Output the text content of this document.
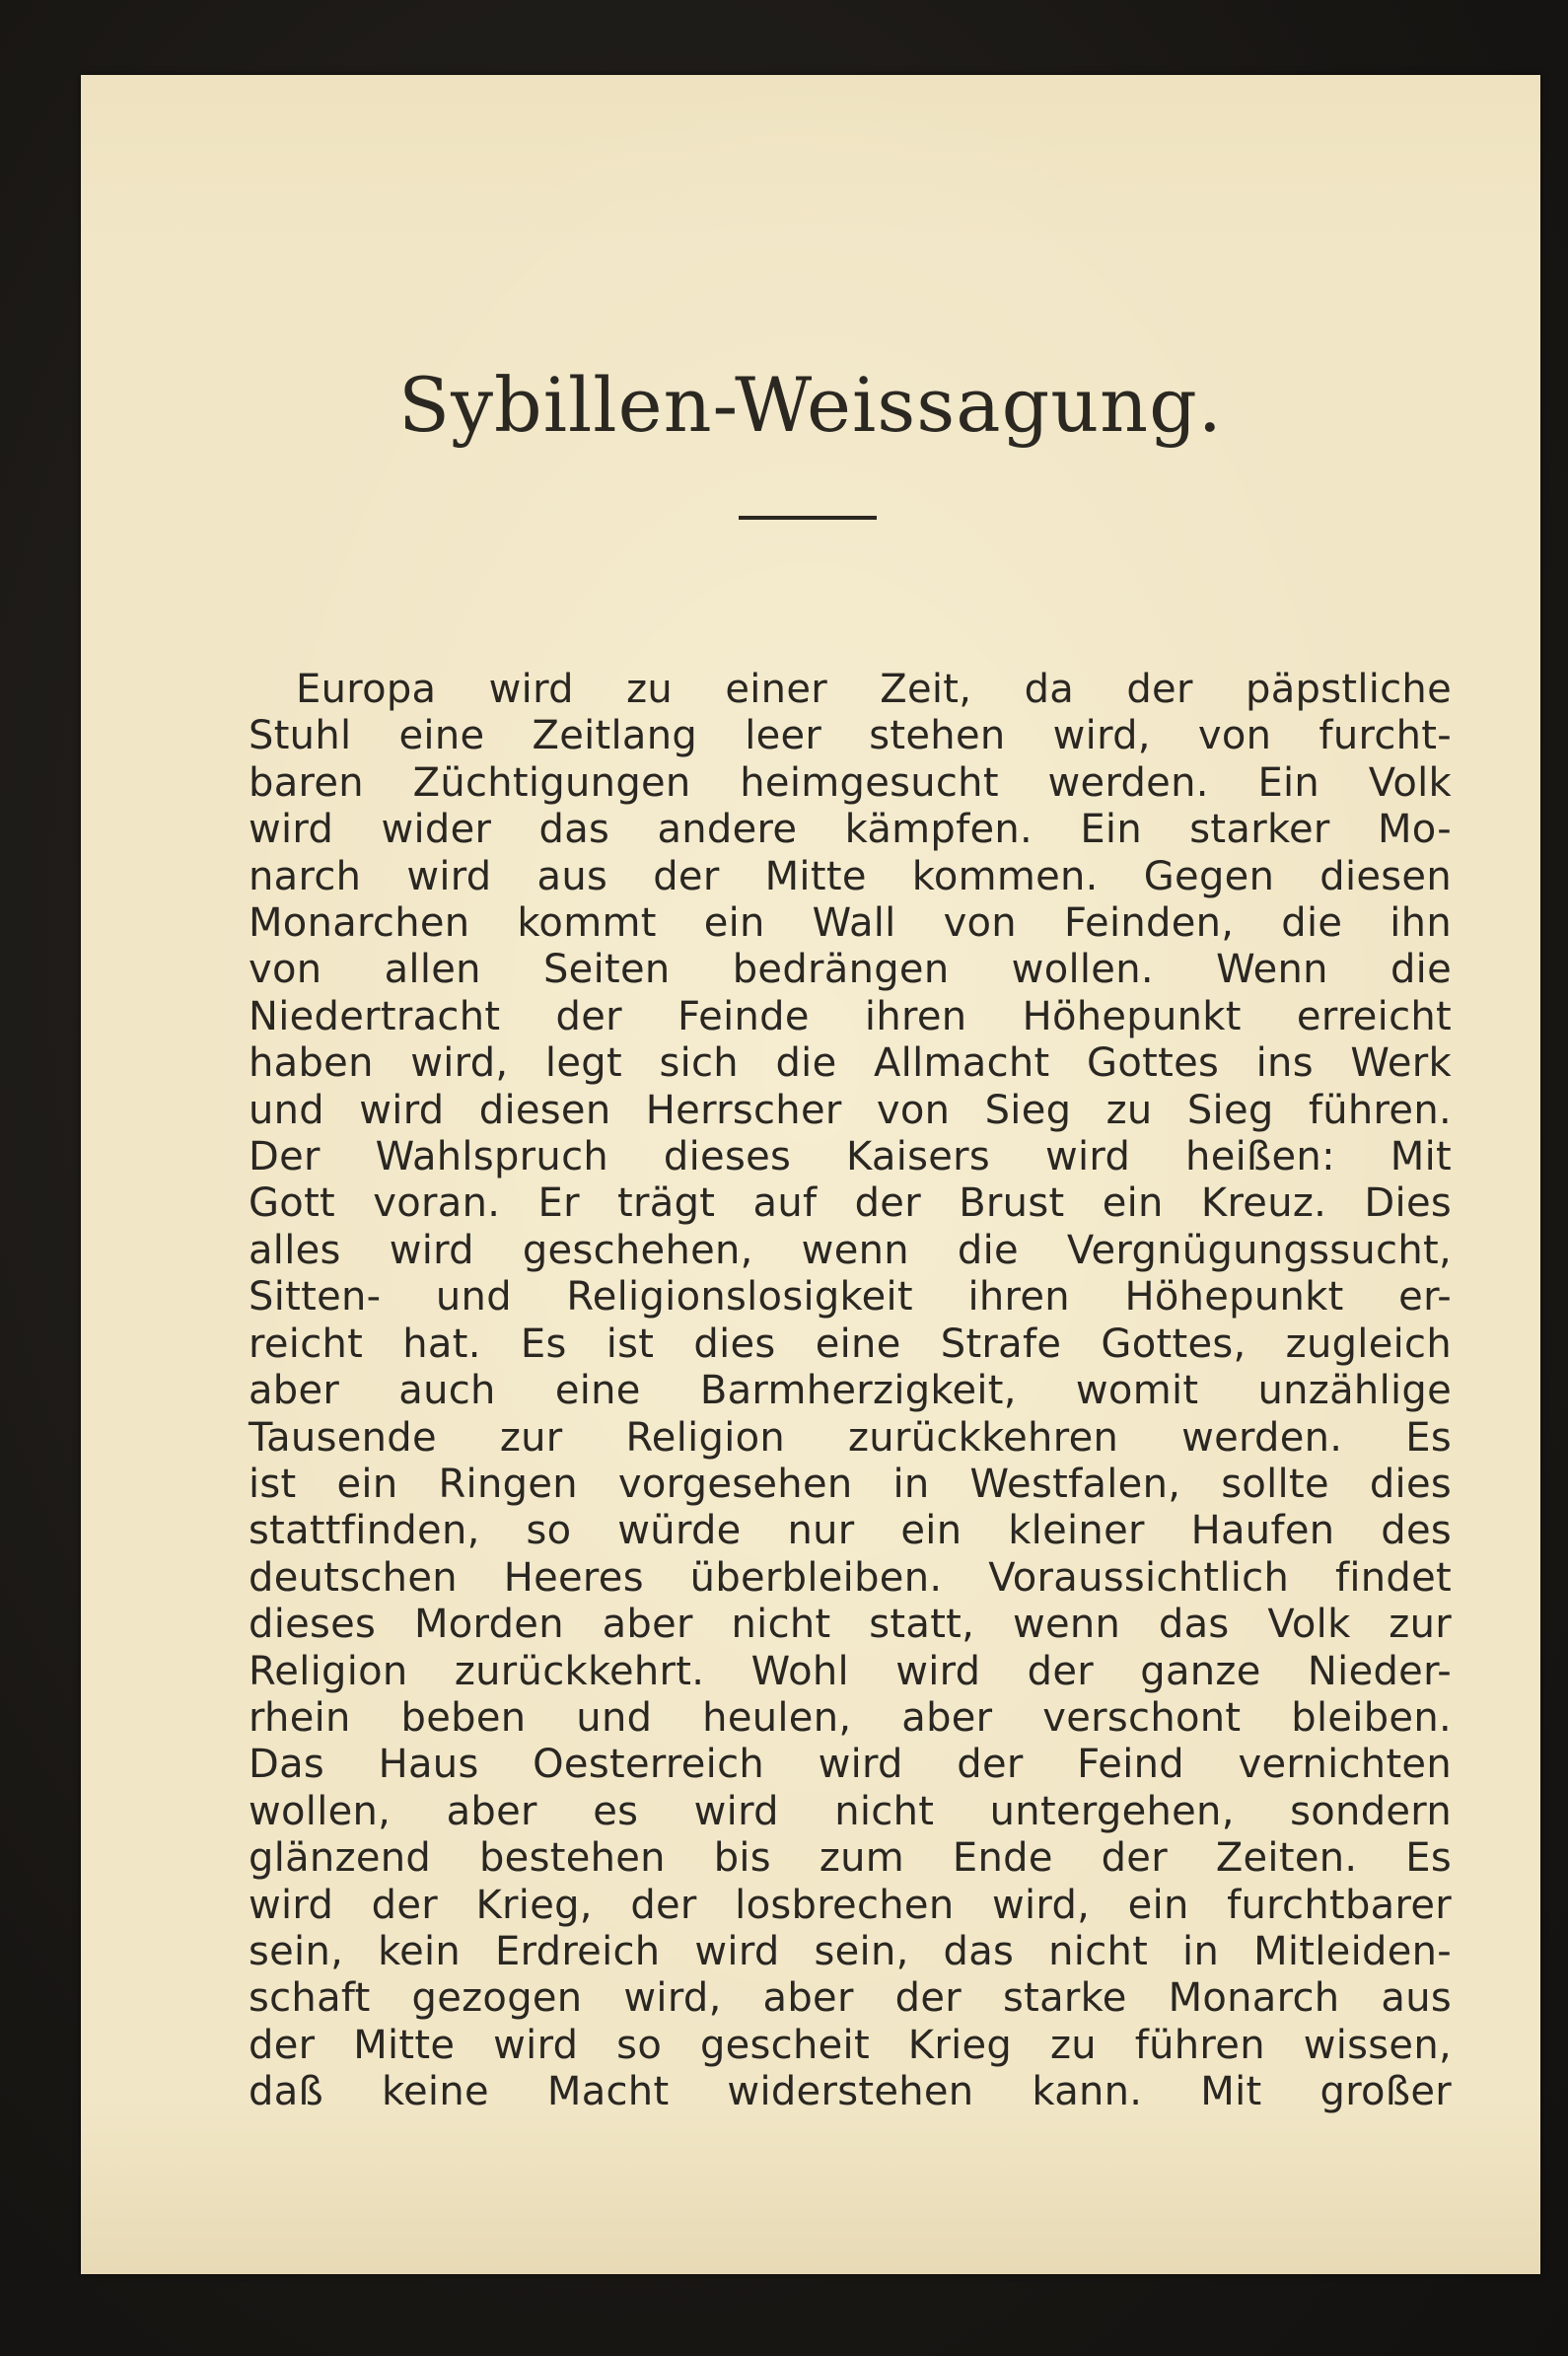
Sybillen-Weissagung.
Europa wird zu einer Zeit, da der päpstliche
Stuhl eine Zeitlang leer stehen wird, von furcht-
baren Züchtigungen heimgesucht werden. Ein Volk
wird wider das andere kämpfen. Ein starker Mo-
narch wird aus der Mitte kommen. Gegen diesen
Monarchen kommt ein Wall von Feinden, die ihn
von allen Seiten bedrängen wollen. Wenn die
Niedertracht der Feinde ihren Höhepunkt erreicht
haben wird, legt sich die Allmacht Gottes ins Werk
und wird diesen Herrscher von Sieg zu Sieg führen.
Der Wahlspruch dieses Kaisers wird heißen: Mit
Gott voran. Er trägt auf der Brust ein Kreuz. Dies
alles wird geschehen, wenn die Vergnügungssucht,
Sitten- und Religionslosigkeit ihren Höhepunkt er-
reicht hat. Es ist dies eine Strafe Gottes, zugleich
aber auch eine Barmherzigkeit, womit unzählige
Tausende zur Religion zurückkehren werden. Es
ist ein Ringen vorgesehen in Westfalen, sollte dies
stattfinden, so würde nur ein kleiner Haufen des
deutschen Heeres überbleiben. Voraussichtlich findet
dieses Morden aber nicht statt, wenn das Volk zur
Religion zurückkehrt. Wohl wird der ganze Nieder-
rhein beben und heulen, aber verschont bleiben.
Das Haus Oesterreich wird der Feind vernichten
wollen, aber es wird nicht untergehen, sondern
glänzend bestehen bis zum Ende der Zeiten. Es
wird der Krieg, der losbrechen wird, ein furchtbarer
sein, kein Erdreich wird sein, das nicht in Mitleiden-
schaft gezogen wird, aber der starke Monarch aus
der Mitte wird so gescheit Krieg zu führen wissen,
daß keine Macht widerstehen kann. Mit großer
